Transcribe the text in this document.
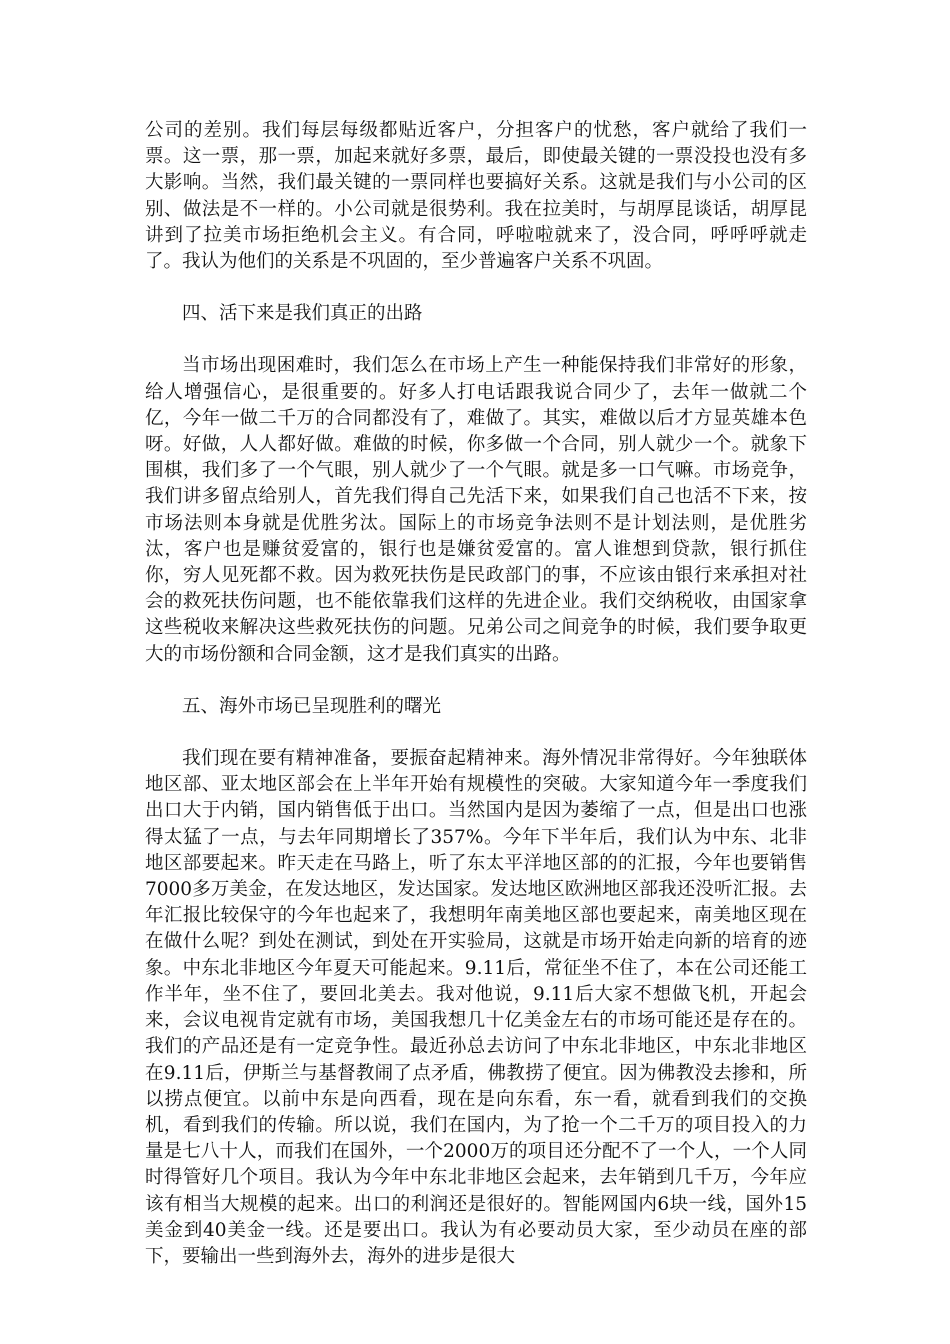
公司的差别。我们每层每级都贴近客户，分担客户的忧愁，客户就给了我们一票。这一票，那一票，加起来就好多票，最后，即使最关键的一票没投也没有多大影响。当然，我们最关键的一票同样也要搞好关系。这就是我们与小公司的区别、做法是不一样的。小公司就是很势利。我在拉美时，与胡厚昆谈话，胡厚昆讲到了拉美市场拒绝机会主义。有合同，呼啦啦就来了，没合同，呼呼呼就走了。我认为他们的关系是不巩固的，至少普遍客户关系不巩固。

四、活下来是我们真正的出路

当市场出现困难时，我们怎么在市场上产生一种能保持我们非常好的形象，给人增强信心，是很重要的。好多人打电话跟我说合同少了，去年一做就二个亿，今年一做二千万的合同都没有了，难做了。其实，难做以后才方显英雄本色呀。好做，人人都好做。难做的时候，你多做一个合同，别人就少一个。就象下围棋，我们多了一个气眼，别人就少了一个气眼。就是多一口气嘛。市场竞争，我们讲多留点给别人，首先我们得自己先活下来，如果我们自己也活不下来，按市场法则本身就是优胜劣汰。国际上的市场竞争法则不是计划法则，是优胜劣汰，客户也是赚贫爱富的，银行也是嫌贫爱富的。富人谁想到贷款，银行抓住你，穷人见死都不救。因为救死扶伤是民政部门的事，不应该由银行来承担对社会的救死扶伤问题，也不能依靠我们这样的先进企业。我们交纳税收，由国家拿这些税收来解决这些救死扶伤的问题。兄弟公司之间竞争的时候，我们要争取更大的市场份额和合同金额，这才是我们真实的出路。

五、海外市场已呈现胜利的曙光

我们现在要有精神准备，要振奋起精神来。海外情况非常得好。今年独联体地区部、亚太地区部会在上半年开始有规模性的突破。大家知道今年一季度我们出口大于内销，国内销售低于出口。当然国内是因为萎缩了一点，但是出口也涨得太猛了一点，与去年同期增长了357%。今年下半年后，我们认为中东、北非地区部要起来。昨天走在马路上，听了东太平洋地区部的的汇报，今年也要销售7000多万美金，在发达地区，发达国家。发达地区欧洲地区部我还没听汇报。去年汇报比较保守的今年也起来了，我想明年南美地区部也要起来，南美地区现在在做什么呢？到处在测试，到处在开实验局，这就是市场开始走向新的培育的迹象。中东北非地区今年夏天可能起来。9.11后，常征坐不住了，本在公司还能工作半年，坐不住了，要回北美去。我对他说，9.11后大家不想做飞机，开起会来，会议电视肯定就有市场，美国我想几十亿美金左右的市场可能还是存在的。我们的产品还是有一定竞争性。最近孙总去访问了中东北非地区，中东北非地区在9.11后，伊斯兰与基督教闹了点矛盾，佛教捞了便宜。因为佛教没去掺和，所以捞点便宜。以前中东是向西看，现在是向东看，东一看，就看到我们的交换机，看到我们的传输。所以说，我们在国内，为了抢一个二千万的项目投入的力量是七八十人，而我们在国外，一个2000万的项目还分配不了一个人，一个人同时得管好几个项目。我认为今年中东北非地区会起来，去年销到几千万，今年应该有相当大规模的起来。出口的利润还是很好的。智能网国内6块一线，国外15美金到40美金一线。还是要出口。我认为有必要动员大家，至少动员在座的部下，要输出一些到海外去，海外的进步是很大
